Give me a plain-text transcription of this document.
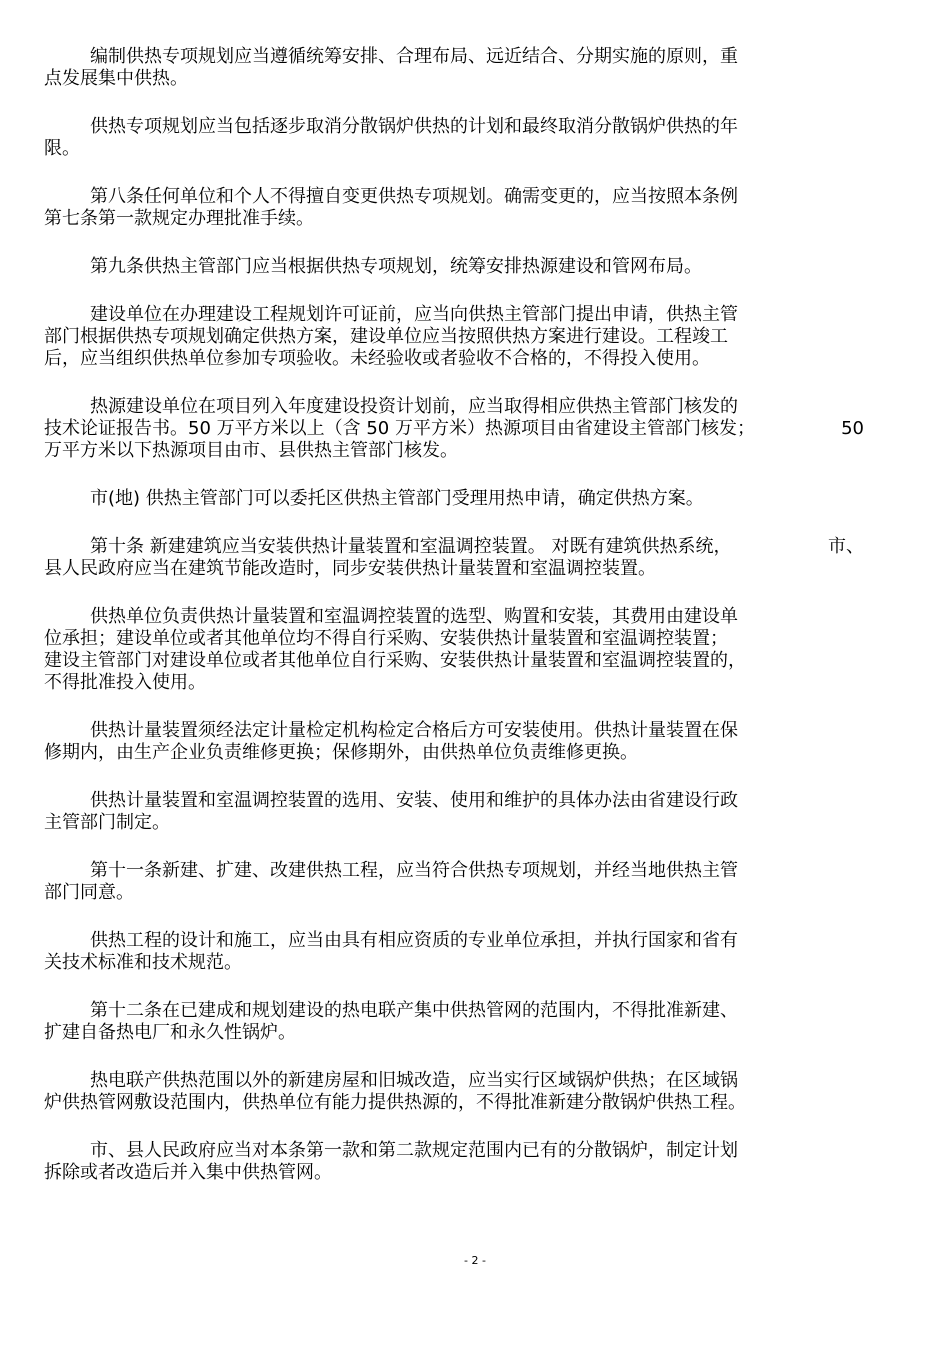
编制供热专项规划应当遵循统筹安排、合理布局、远近结合、分期实施的原则，重
点发展集中供热。
供热专项规划应当包括逐步取消分散锅炉供热的计划和最终取消分散锅炉供热的年
限。
第八条任何单位和个人不得擅自变更供热专项规划。确需变更的，应当按照本条例
第七条第一款规定办理批准手续。
第九条供热主管部门应当根据供热专项规划，统筹安排热源建设和管网布局。
建设单位在办理建设工程规划许可证前，应当向供热主管部门提出申请，供热主管
部门根据供热专项规划确定供热方案，建设单位应当按照供热方案进行建设。工程竣工
后，应当组织供热单位参加专项验收。未经验收或者验收不合格的，不得投入使用。
热源建设单位在项目列入年度建设投资计划前，应当取得相应供热主管部门核发的
技术论证报告书。50 万平方米以上（含 50 万平方米）热源项目由省建设主管部门核发；	50
万平方米以下热源项目由市、县供热主管部门核发。
市(地) 供热主管部门可以委托区供热主管部门受理用热申请，确定供热方案。
第十条 新建建筑应当安装供热计量装置和室温调控装置。 对既有建筑供热系统，	市、
县人民政府应当在建筑节能改造时，同步安装供热计量装置和室温调控装置。
供热单位负责供热计量装置和室温调控装置的选型、购置和安装，其费用由建设单
位承担；建设单位或者其他单位均不得自行采购、安装供热计量装置和室温调控装置；
建设主管部门对建设单位或者其他单位自行采购、安装供热计量装置和室温调控装置的，
不得批准投入使用。
供热计量装置须经法定计量检定机构检定合格后方可安装使用。供热计量装置在保
修期内，由生产企业负责维修更换；保修期外，由供热单位负责维修更换。
供热计量装置和室温调控装置的选用、安装、使用和维护的具体办法由省建设行政
主管部门制定。
第十一条新建、扩建、改建供热工程，应当符合供热专项规划，并经当地供热主管
部门同意。
供热工程的设计和施工，应当由具有相应资质的专业单位承担，并执行国家和省有
关技术标准和技术规范。
第十二条在已建成和规划建设的热电联产集中供热管网的范围内，不得批准新建、
扩建自备热电厂和永久性锅炉。
热电联产供热范围以外的新建房屋和旧城改造，应当实行区域锅炉供热；在区域锅
炉供热管网敷设范围内，供热单位有能力提供热源的，不得批准新建分散锅炉供热工程。
市、县人民政府应当对本条第一款和第二款规定范围内已有的分散锅炉，制定计划
拆除或者改造后并入集中供热管网。
- 2 -
